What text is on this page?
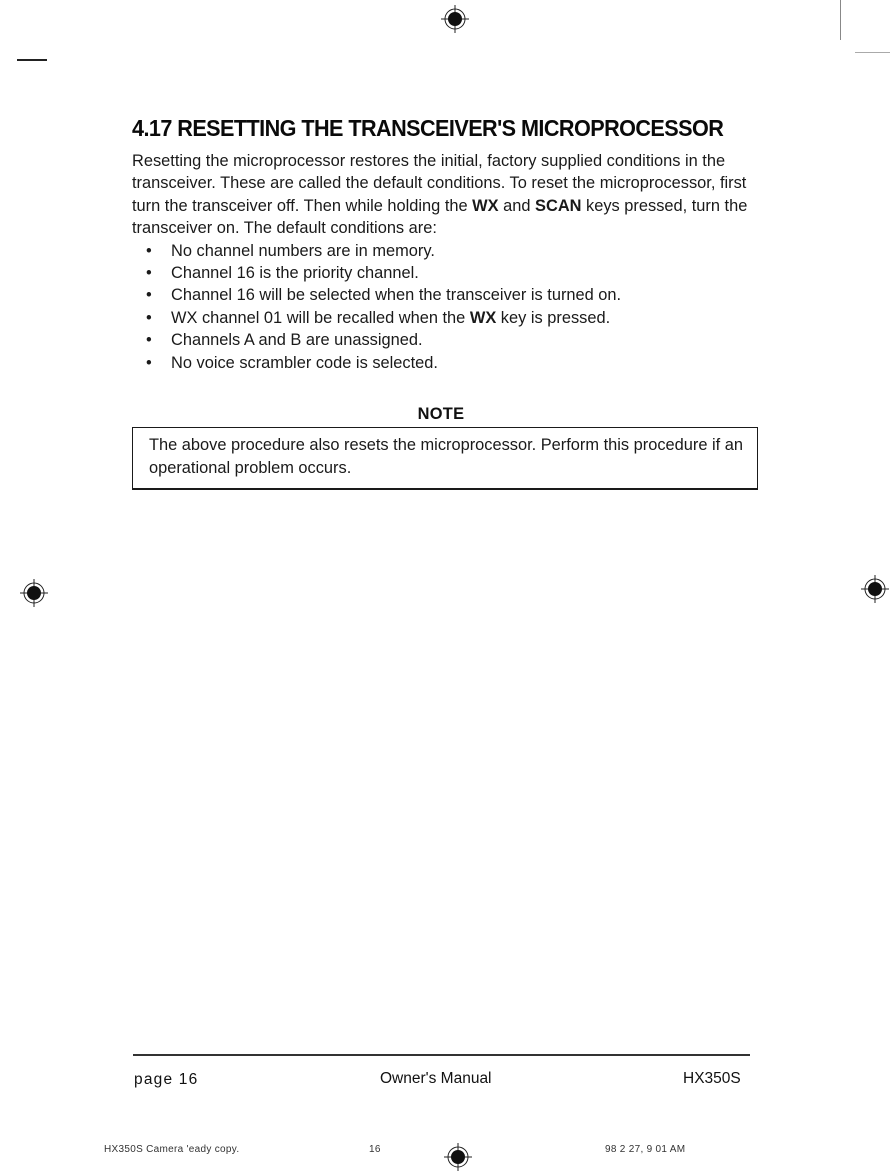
4.17 RESETTING THE TRANSCEIVER'S MICROPROCESSOR

Resetting the microprocessor restores the initial, factory supplied conditions in the transceiver. These are called the default conditions. To reset the microprocessor, first turn the transceiver off. Then while holding the WX and SCAN keys pressed, turn the transceiver on. The default conditions are:

• No channel numbers are in memory.
• Channel 16 is the priority channel.
• Channel 16 will be selected when the transceiver is turned on.
• WX channel 01 will be recalled when the WX key is pressed.
• Channels A and B are unassigned.
• No voice scrambler code is selected.
NOTE
The above procedure also resets the microprocessor. Perform this procedure if an operational problem occurs.
page 16	Owner's Manual	HX350S
HX350S Camera 'eady copy.	16	98 2 27, 9 01 AM
